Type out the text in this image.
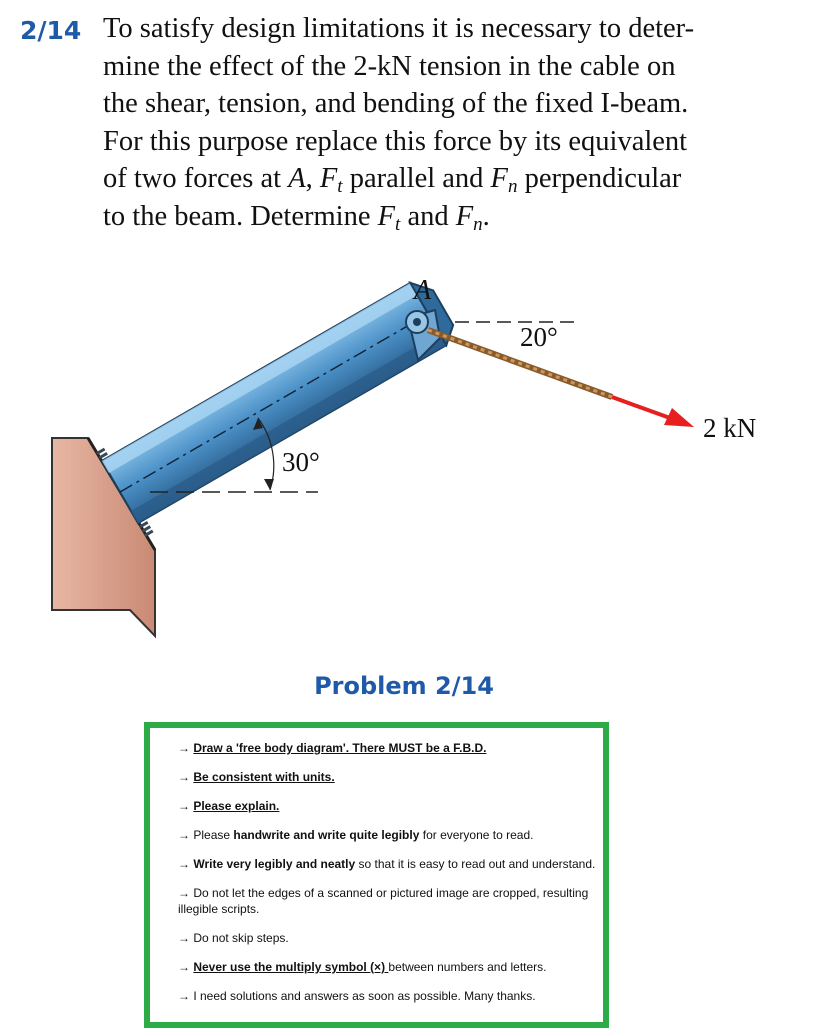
2/14 To satisfy design limitations it is necessary to deter-
mine the effect of the 2-kN tension in the cable on
the shear, tension, and bending of the fixed I-beam.
For this purpose replace this force by its equivalent
of two forces at A, $F_t$ parallel and $F_n$ perpendicular
to the beam. Determine $F_t$ and $F_n$.
A
20°
30°
2 kN
Problem 2/14
→ Draw a 'free body diagram'. There MUST be a F.B.D.
→ Be consistent with units.
→ Please explain.
→ Please handwrite and write quite legibly for everyone to read.
→ Write very legibly and neatly so that it is easy to read out and understand.
→ Do not let the edges of a scanned or pictured image are cropped, resulting illegible scripts.
→ Do not skip steps.
→ Never use the multiply symbol (×) between numbers and letters.
→ I need solutions and answers as soon as possible. Many thanks.
